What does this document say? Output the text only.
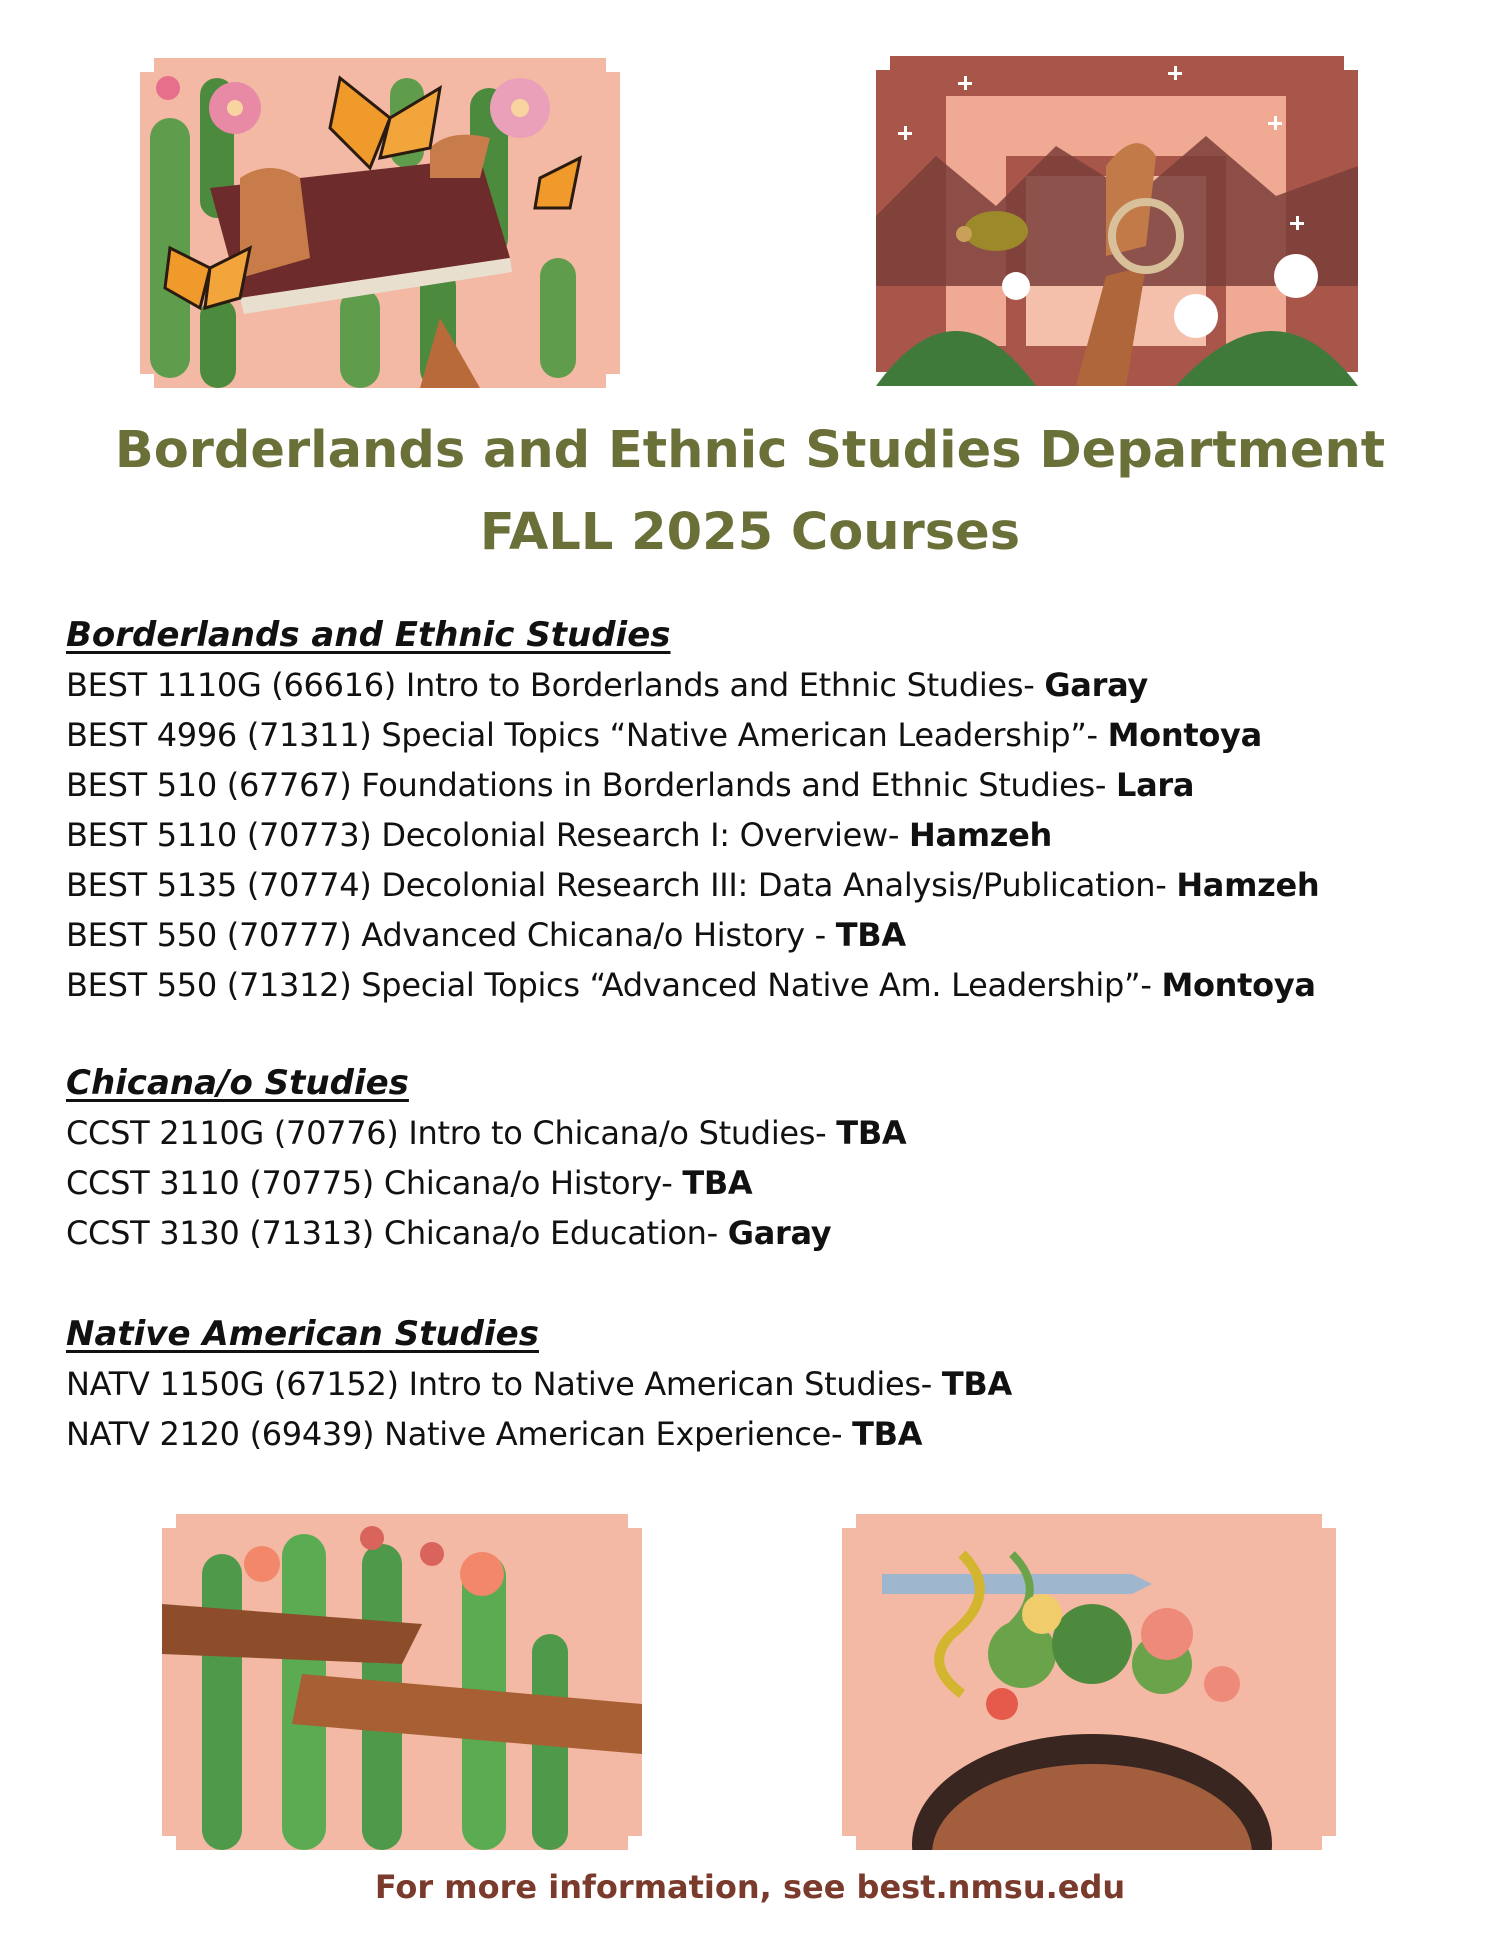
Borderlands and Ethnic Studies Department
FALL 2025 Courses

Borderlands and Ethnic Studies

BEST 1110G (66616) Intro to Borderlands and Ethnic Studies- Garay

BEST 4996 (71311) Special Topics “Native American Leadership”- Montoya

BEST 510 (67767) Foundations in Borderlands and Ethnic Studies- Lara

BEST 5110 (70773) Decolonial Research I: Overview- Hamzeh

BEST 5135 (70774) Decolonial Research III: Data Analysis/Publication- Hamzeh

BEST 550 (70777) Advanced Chicana/o History - TBA

BEST 550 (71312) Special Topics “Advanced Native Am. Leadership”- Montoya

Chicana/o Studies

CCST 2110G (70776) Intro to Chicana/o Studies- TBA

CCST 3110 (70775) Chicana/o History- TBA

CCST 3130 (71313) Chicana/o Education- Garay

Native American Studies

NATV 1150G (67152) Intro to Native American Studies- TBA

NATV 2120 (69439) Native American Experience- TBA

For more information, see best.nmsu.edu
